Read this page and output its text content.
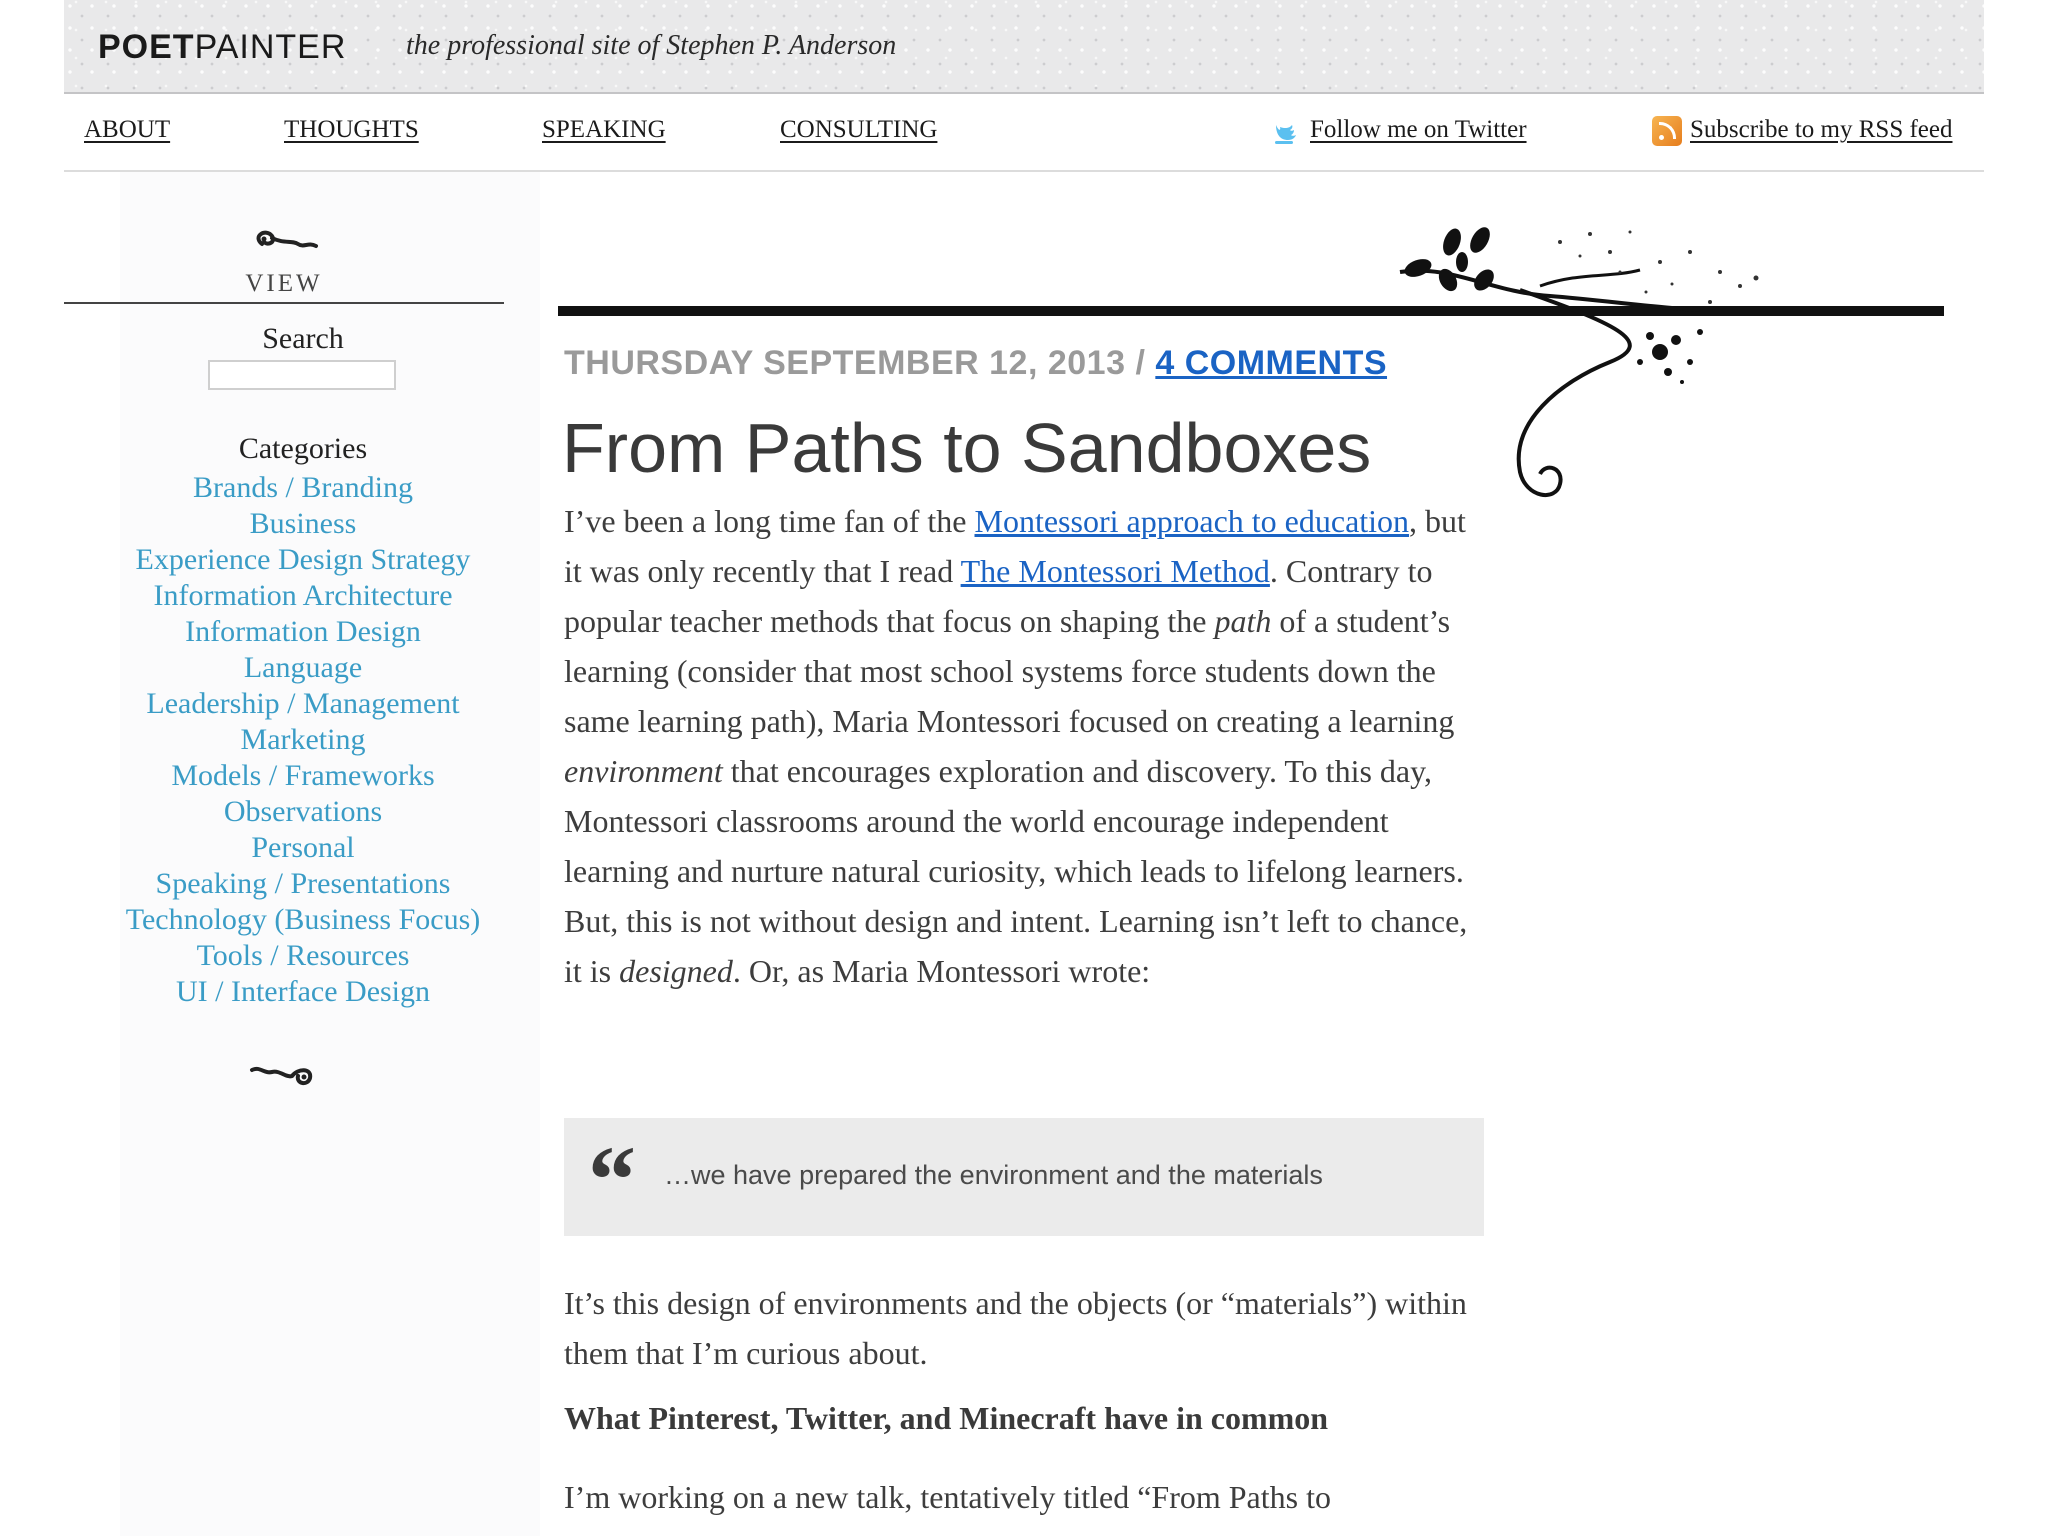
POETPAINTER the professional site of Stephen P. Anderson
ABOUT	THOUGHTS	SPEAKING	CONSULTING	Follow me on Twitter	Subscribe to my RSS feed
VIEW
Search
Categories
Brands / Branding
Business
Experience Design Strategy
Information Architecture
Information Design
Language
Leadership / Management
Marketing
Models / Frameworks
Observations
Personal
Speaking / Presentations
Technology (Business Focus)
Tools / Resources
UI / Interface Design
THURSDAY SEPTEMBER 12, 2013 / 4 COMMENTS
From Paths to Sandboxes

I’ve been a long time fan of the Montessori approach to education, but it was only recently that I read The Montessori Method. Contrary to popular teacher methods that focus on shaping the path of a student’s learning (consider that most school systems force students down the same learning path), Maria Montessori focused on creating a learning environment that encourages exploration and discovery. To this day, Montessori classrooms around the world encourage independent learning and nurture natural curiosity, which leads to lifelong learners. But, this is not without design and intent. Learning isn’t left to chance, it is designed. Or, as Maria Montessori wrote:

“ …we have prepared the environment and the materials

It’s this design of environments and the objects (or “materials”) within them that I’m curious about.

What Pinterest, Twitter, and Minecraft have in common

I’m working on a new talk, tentatively titled “From Paths to
